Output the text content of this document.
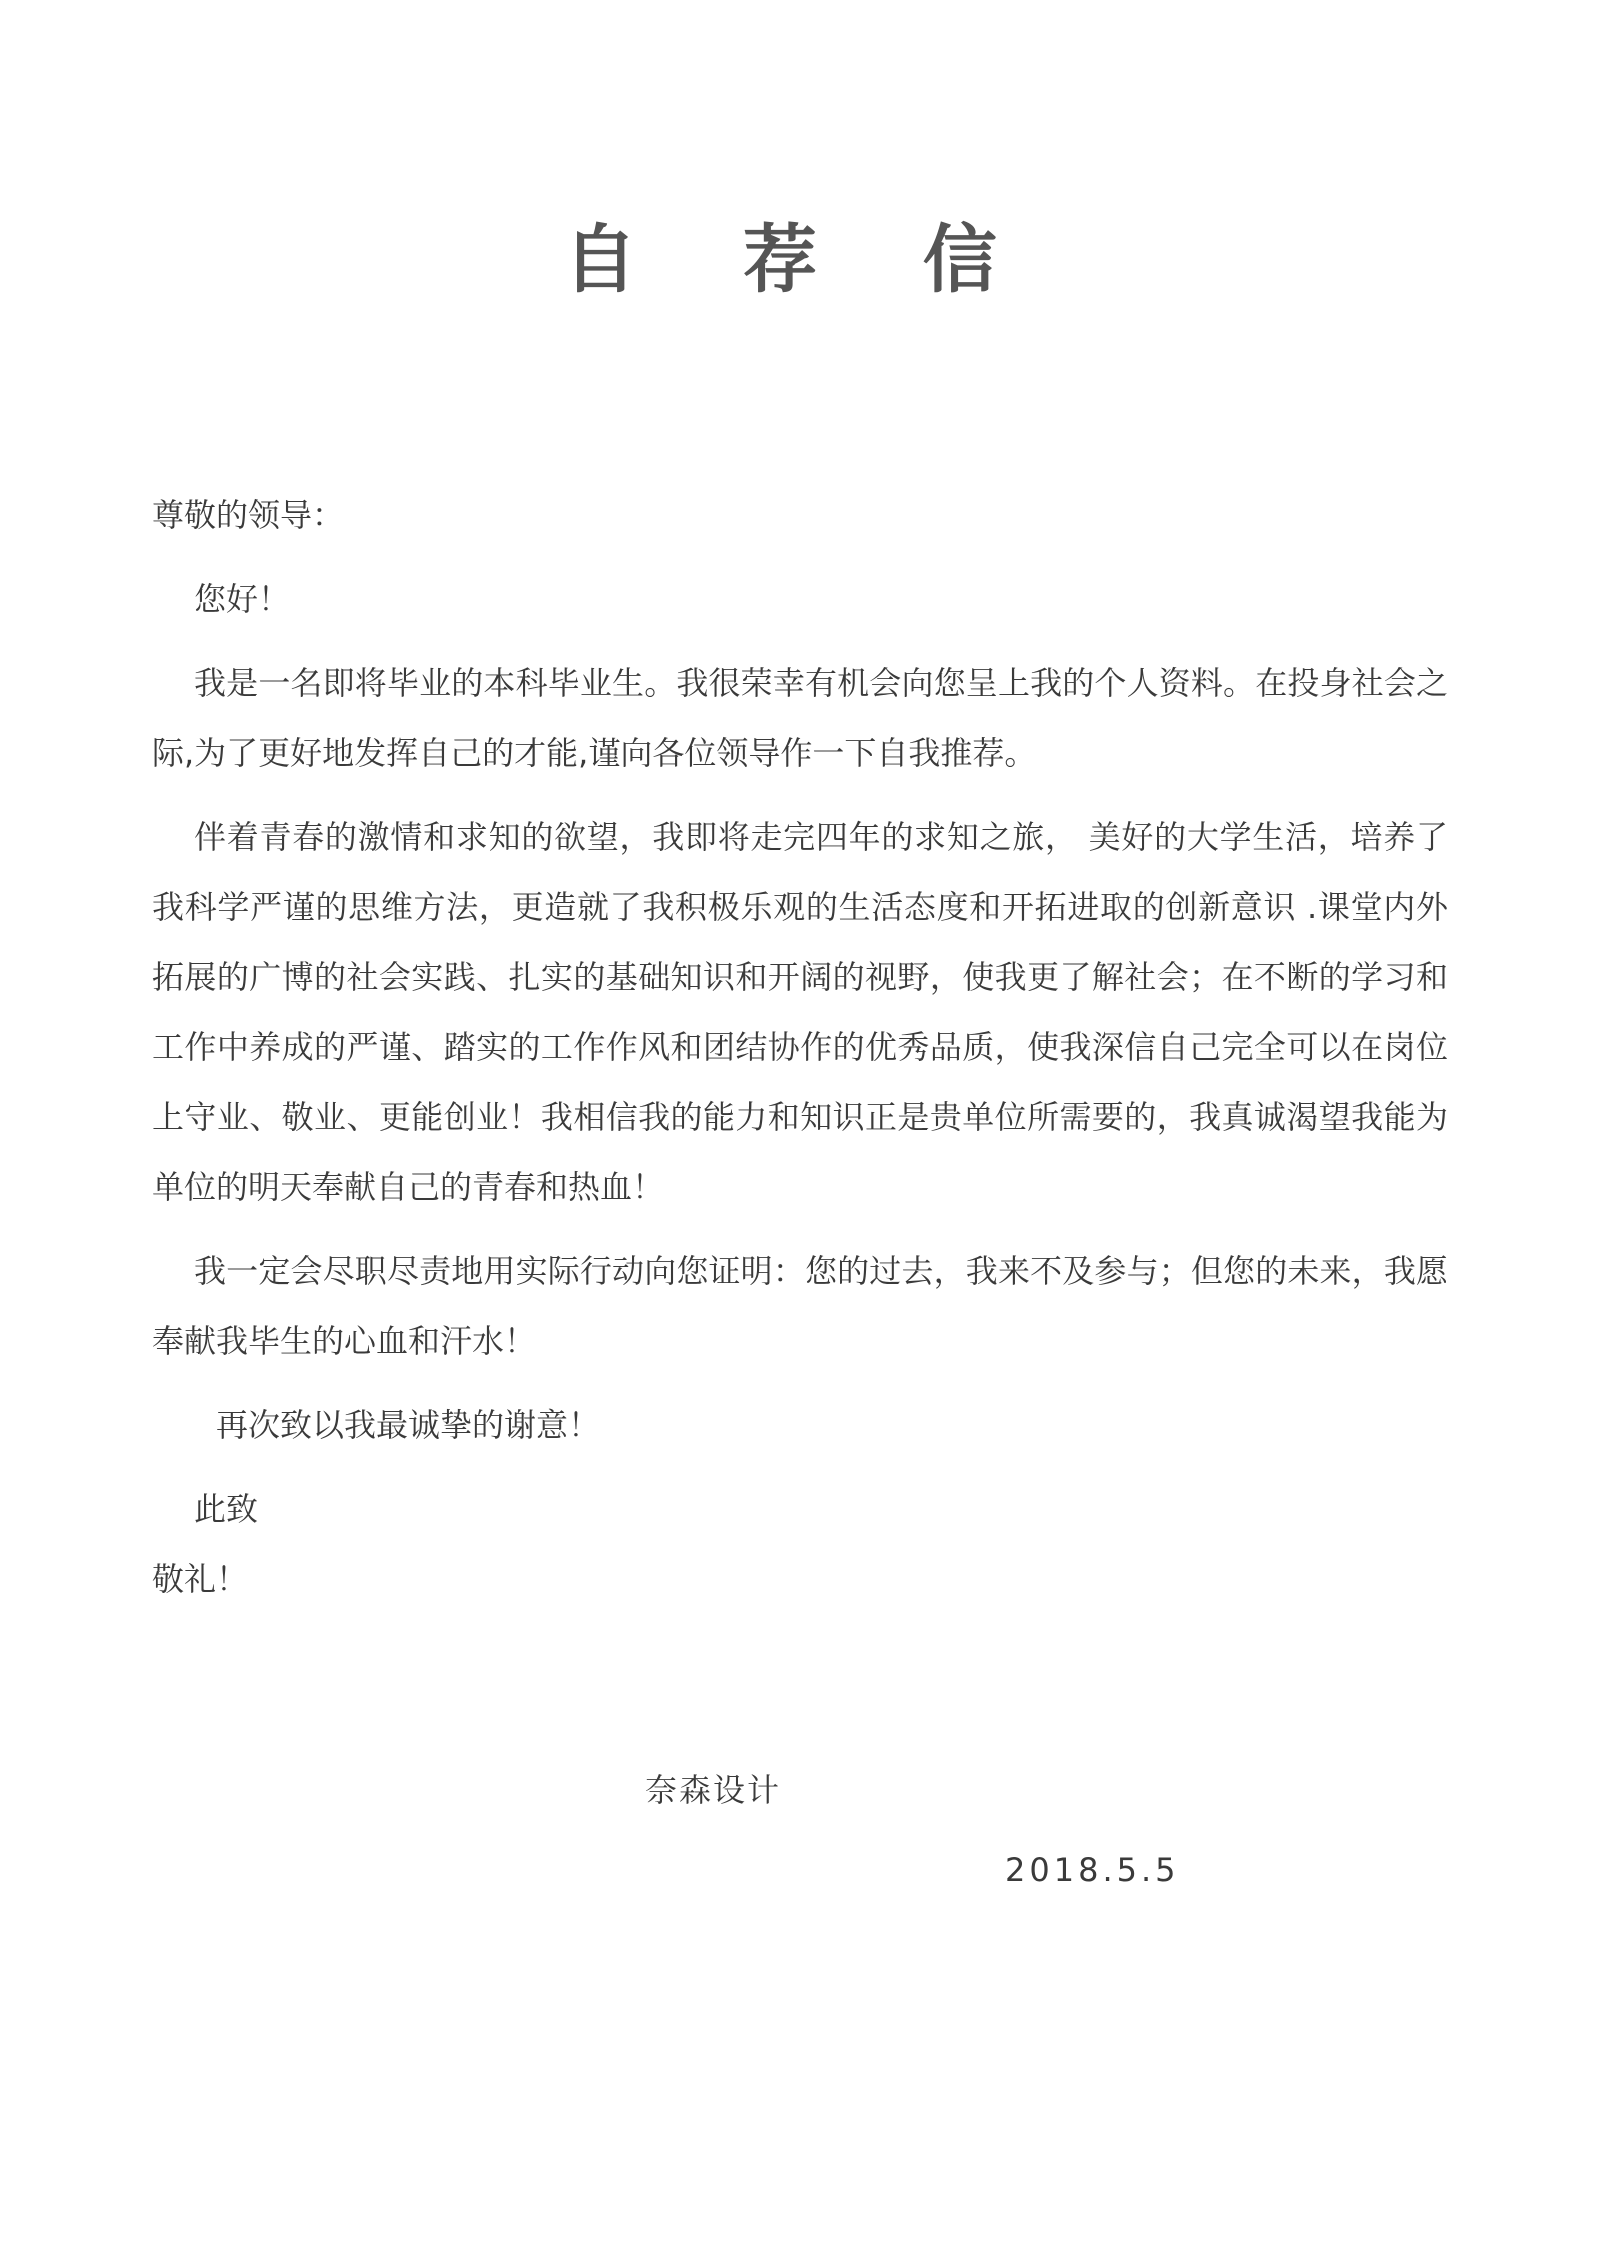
自 荐 信

尊敬的领导：

您好！

我是一名即将毕业的本科毕业生。我很荣幸有机会向您呈上我的个人资料。在投身社会之际,为了更好地发挥自己的才能,谨向各位领导作一下自我推荐。

伴着青春的激情和求知的欲望，我即将走完四年的求知之旅， 美好的大学生活，培养了我科学严谨的思维方法，更造就了我积极乐观的生活态度和开拓进取的创新意识 .课堂内外拓展的广博的社会实践、扎实的基础知识和开阔的视野，使我更了解社会；在不断的学习和工作中养成的严谨、踏实的工作作风和团结协作的优秀品质，使我深信自己完全可以在岗位上守业、敬业、更能创业！我相信我的能力和知识正是贵单位所需要的，我真诚渴望我能为单位的明天奉献自己的青春和热血！

我一定会尽职尽责地用实际行动向您证明：您的过去，我来不及参与；但您的未来，我愿奉献我毕生的心血和汗水！

再次致以我最诚挚的谢意！

此致

敬礼！

奈森设计
2018.5.5
